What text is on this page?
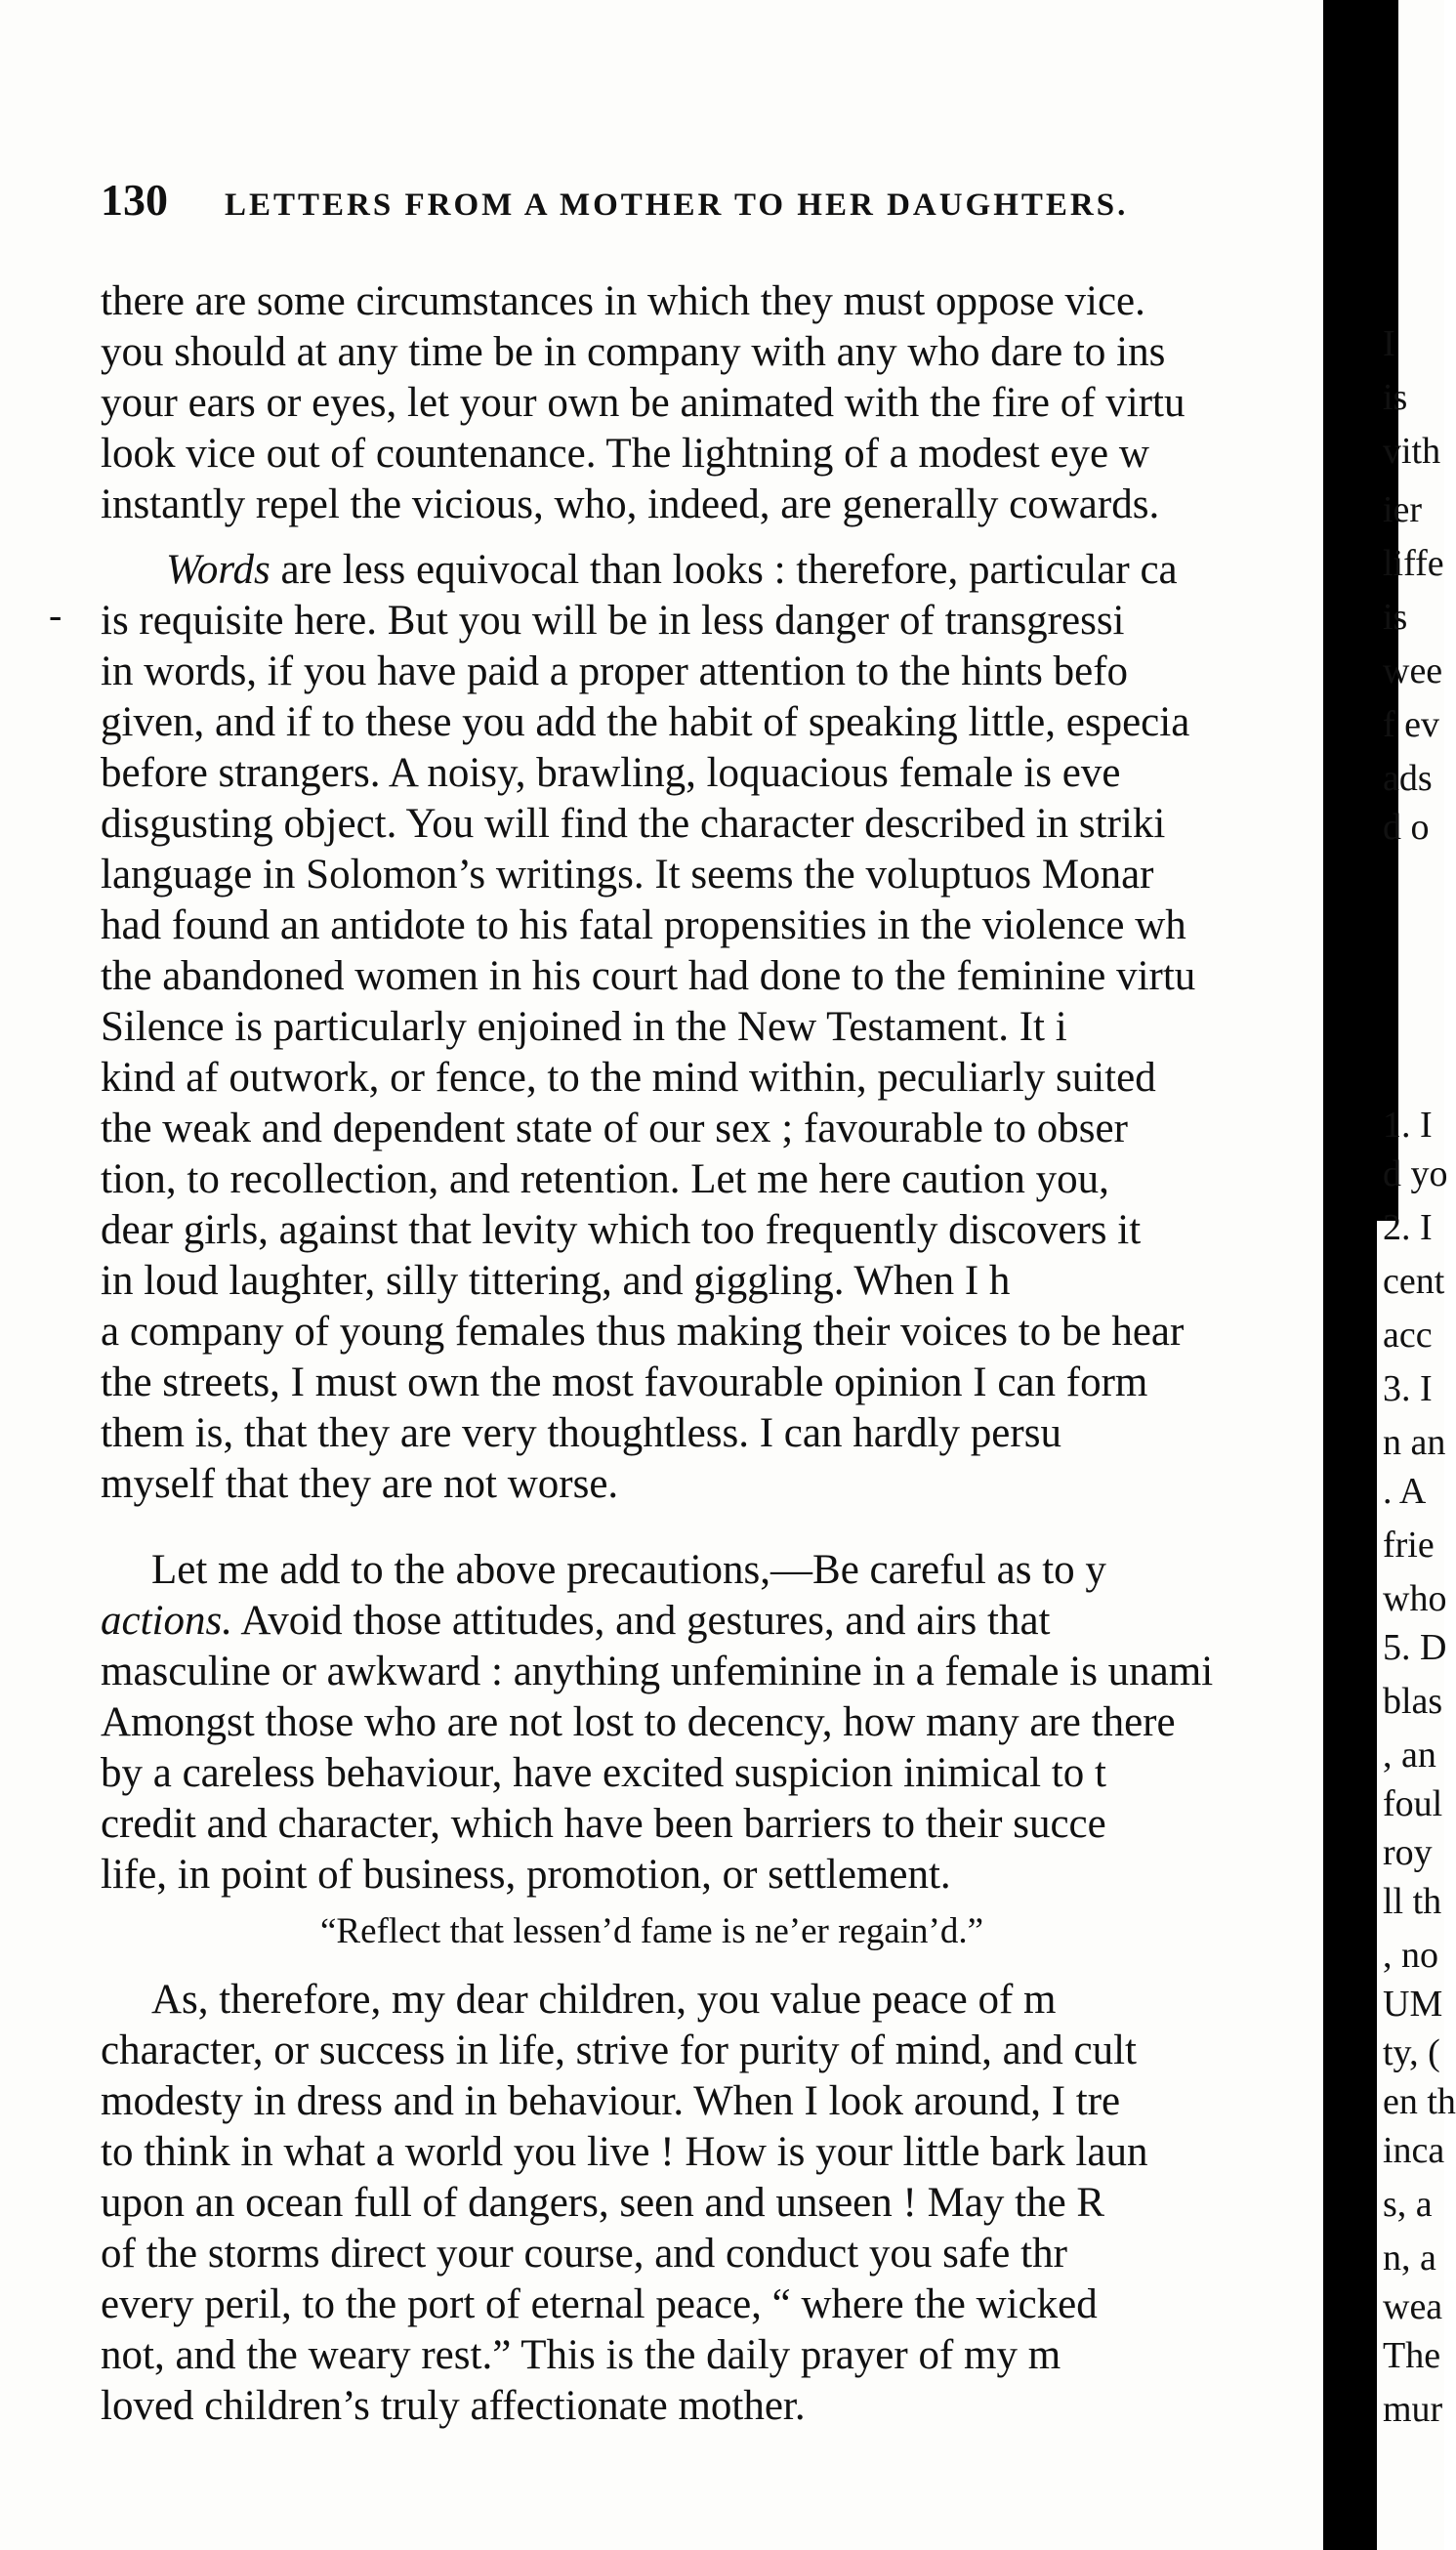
130 LETTERS FROM A MOTHER TO HER DAUGHTERS.
there are some circumstances in which they must oppose vice.
you should at any time be in company with any who dare to ins
your ears or eyes, let your own be animated with the fire of virtu
look vice out of countenance. The lightning of a modest eye w
instantly repel the vicious, who, indeed, are generally cowards.
Words are less equivocal than looks : therefore, particular ca
- is requisite here. But you will be in less danger of transgressi
in words, if you have paid a proper attention to the hints befo
given, and if to these you add the habit of speaking little, especia
before strangers. A noisy, brawling, loquacious female is eve
disgusting object. You will find the character described in striki
language in Solomon’s writings. It seems the voluptuos Monar
had found an antidote to his fatal propensities in the violence wh
the abandoned women in his court had done to the feminine virtu
Silence is particularly enjoined in the New Testament. It i
kind af outwork, or fence, to the mind within, peculiarly suited
the weak and dependent state of our sex ; favourable to obser
tion, to recollection, and retention. Let me here caution you,
dear girls, against that levity which too frequently discovers it
in loud laughter, silly tittering, and giggling. When I h
a company of young females thus making their voices to be hear
the streets, I must own the most favourable opinion I can form
them is, that they are very thoughtless. I can hardly persu
myself that they are not worse.
Let me add to the above precautions,—Be careful as to y
actions. Avoid those attitudes, and gestures, and airs that
masculine or awkward : anything unfeminine in a female is unami
Amongst those who are not lost to decency, how many are there
by a careless behaviour, have excited suspicion inimical to t
credit and character, which have been barriers to their succe
life, in point of business, promotion, or settlement.
“Reflect that lessen’d fame is ne’er regain’d.”
As, therefore, my dear children, you value peace of m
character, or success in life, strive for purity of mind, and cult
modesty in dress and in behaviour. When I look around, I tre
to think in what a world you live ! How is your little bark laun
upon an ocean full of dangers, seen and unseen ! May the R
of the storms direct your course, and conduct you safe thr
every peril, to the port of eternal peace, “ where the wicked
not, and the weary rest.” This is the daily prayer of my m
loved children’s truly affectionate mother.
I
is
vith
ier
liffe
is
wee
f ev
ads
d o
1. I
d yo
2. I
cent
acc
3. I
n an
. A
frie
who
5. D
blas
, an
foul
roy
ll th
, no
UM
ty, (
en th
inca
s, a
n, a
wea
The
mur
